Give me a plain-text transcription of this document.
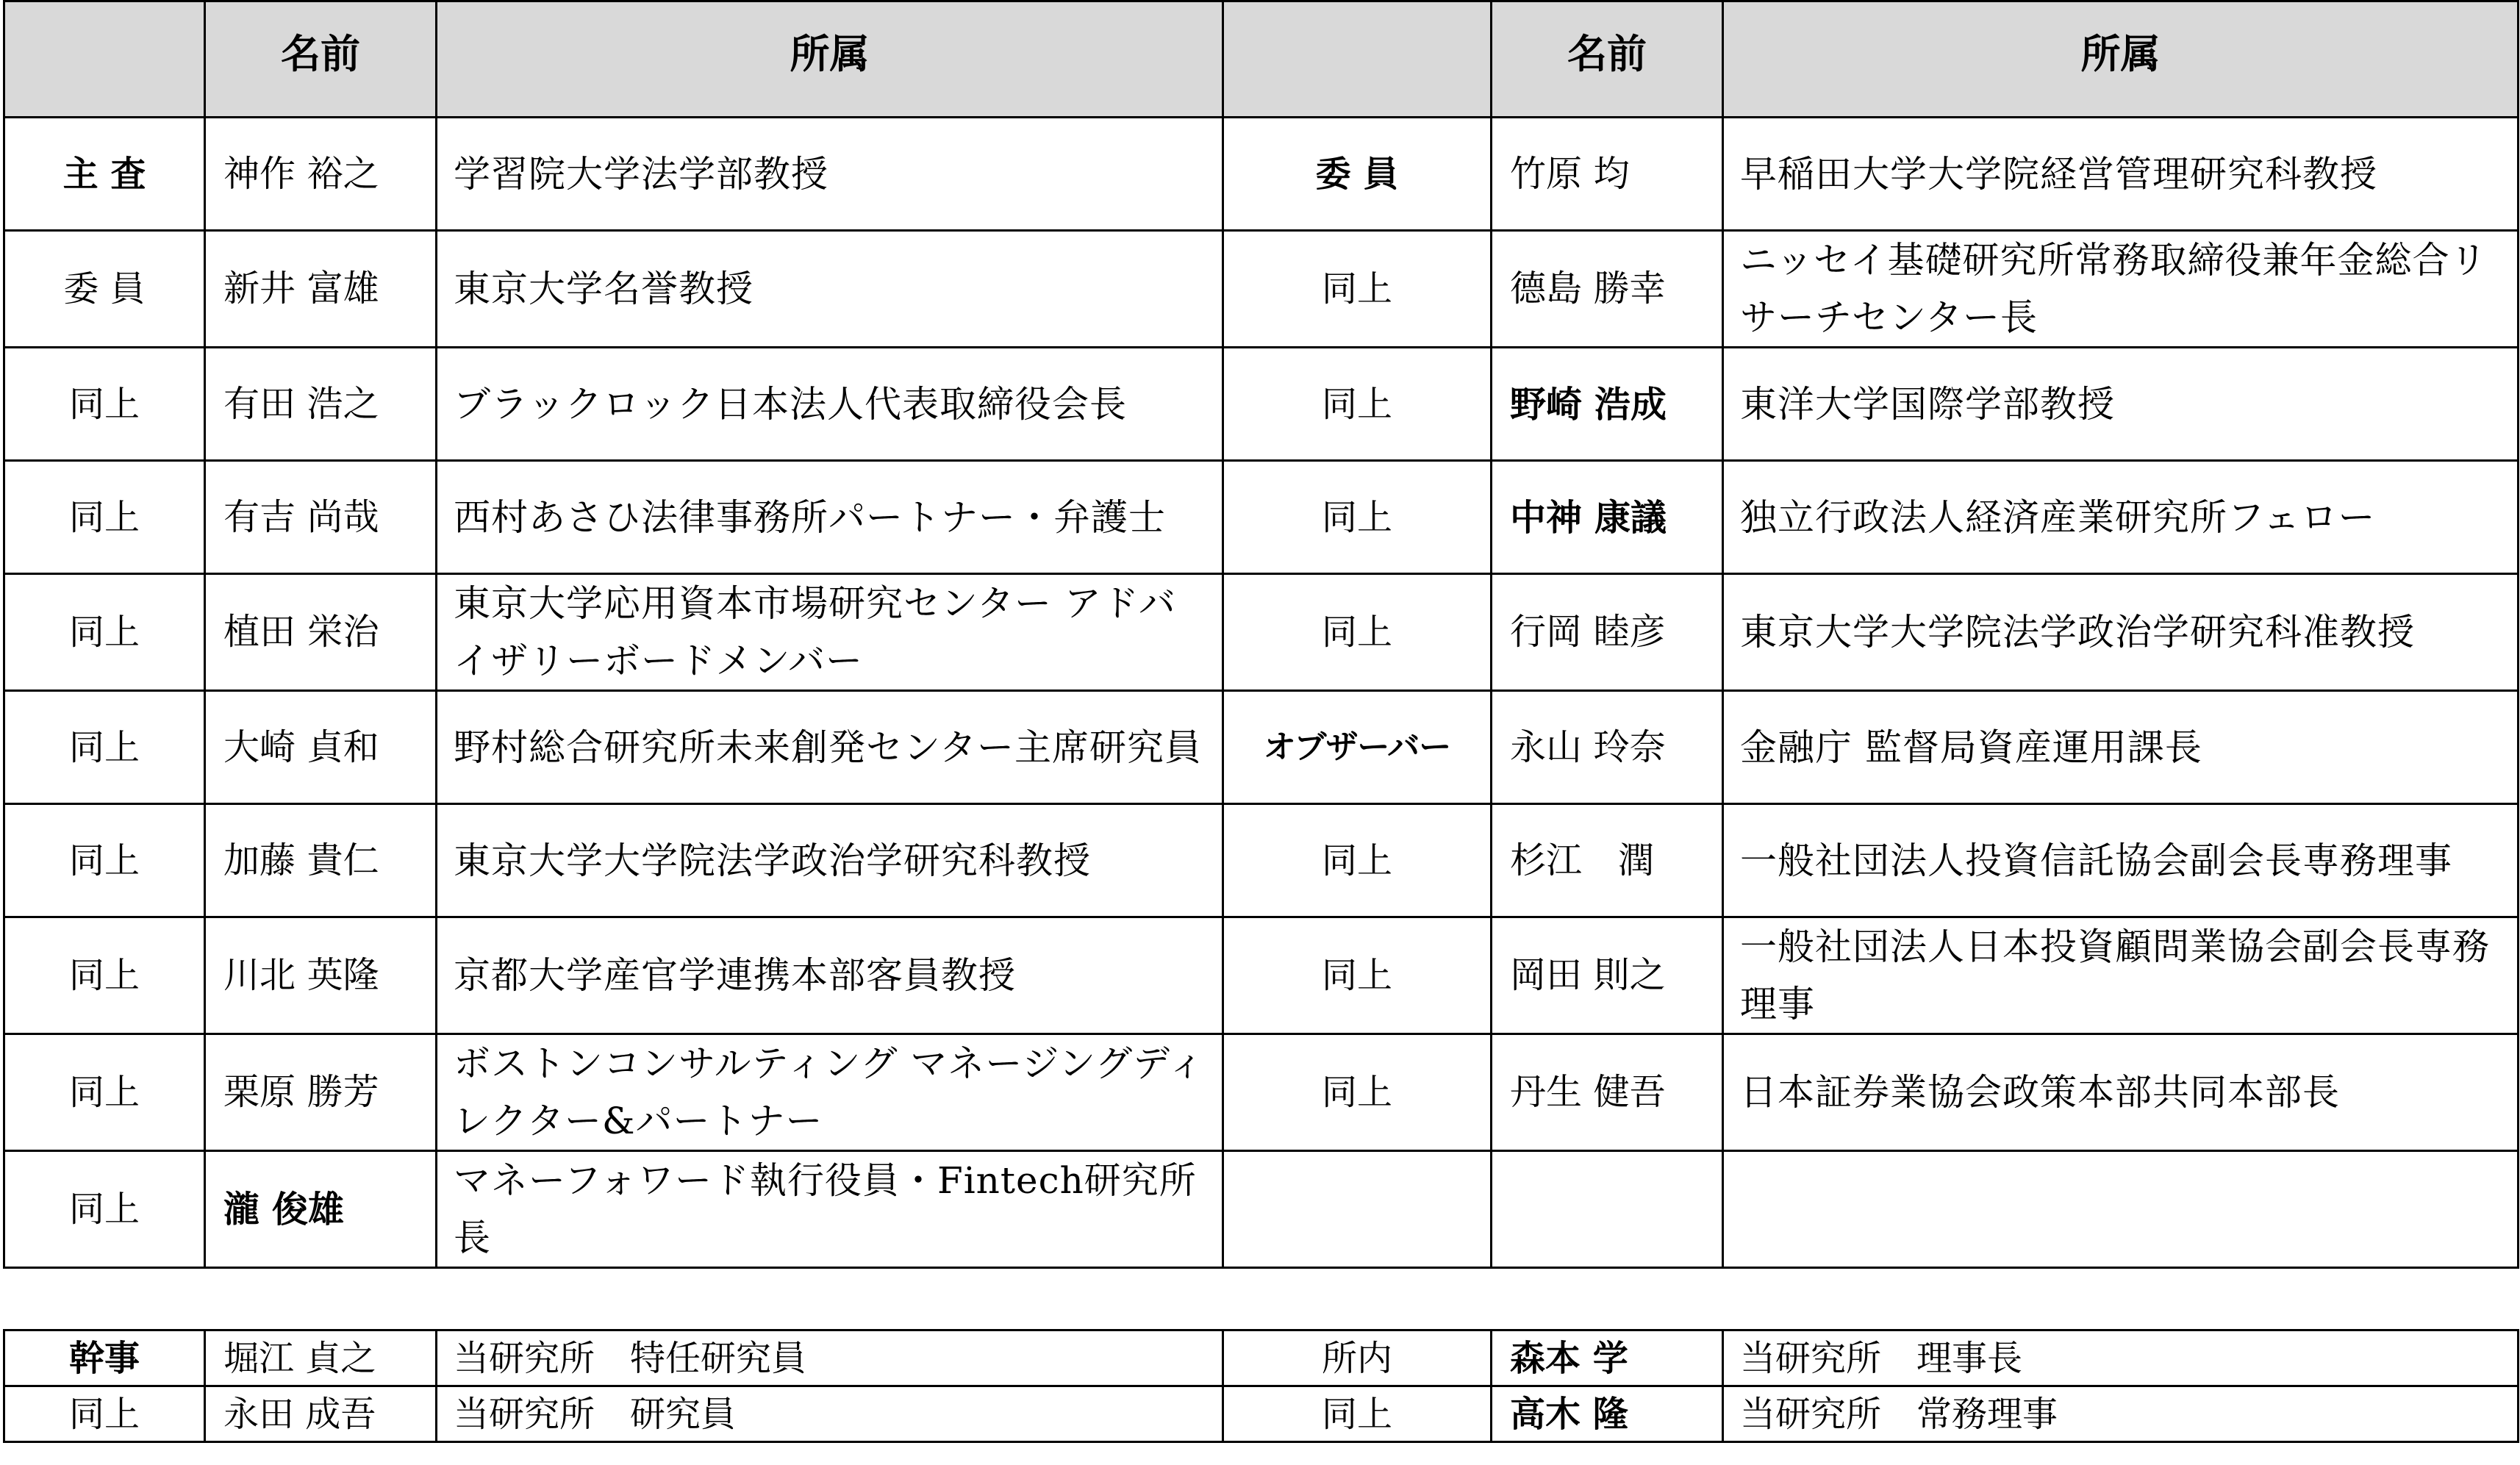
	名前	所属		名前	所属
主 査	神作 裕之	学習院大学法学部教授	委 員	竹原 均	早稲田大学大学院経営管理研究科教授
委 員	新井 富雄	東京大学名誉教授	同上	德島 勝幸	ニッセイ基礎研究所常務取締役兼年金総合リサーチセンター長
同上	有田 浩之	ブラックロック日本法人代表取締役会長	同上	野崎 浩成	東洋大学国際学部教授
同上	有吉 尚哉	西村あさひ法律事務所パートナー・弁護士	同上	中神 康議	独立行政法人経済産業研究所フェロー
同上	植田 栄治	東京大学応用資本市場研究センター アドバイザリーボードメンバー	同上	行岡 睦彦	東京大学大学院法学政治学研究科准教授
同上	大崎 貞和	野村総合研究所未来創発センター主席研究員	オブザーバー	永山 玲奈	金融庁 監督局資産運用課長
同上	加藤 貴仁	東京大学大学院法学政治学研究科教授	同上	杉江　潤	一般社団法人投資信託協会副会長専務理事
同上	川北 英隆	京都大学産官学連携本部客員教授	同上	岡田 則之	一般社団法人日本投資顧問業協会副会長専務理事
同上	栗原 勝芳	ボストンコンサルティング マネージングディレクター&パートナー	同上	丹生 健吾	日本証券業協会政策本部共同本部長
同上	瀧 俊雄	マネーフォワード執行役員・Fintech研究所長			
幹事	堀江 貞之	当研究所　特任研究員	所内	森本 学	当研究所　理事長
同上	永田 成吾	当研究所　研究員	同上	高木 隆	当研究所　常務理事
